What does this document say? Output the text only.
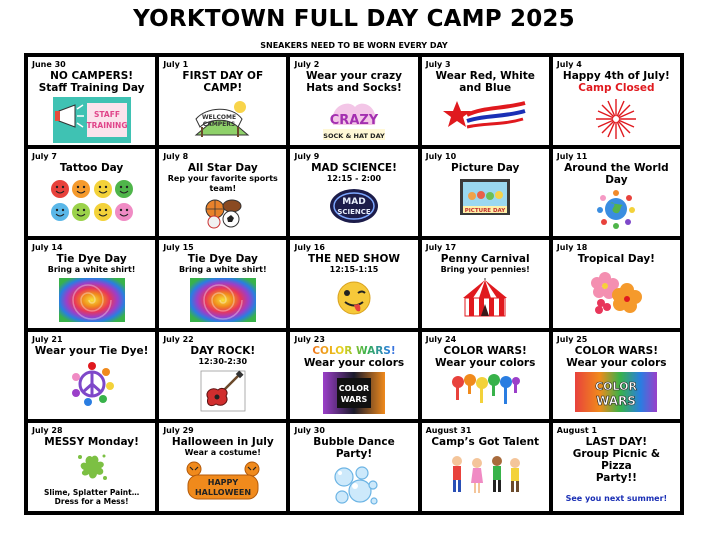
YORKTOWN FULL DAY CAMP 2025
SNEAKERS NEED TO BE WORN EVERY DAY
June 30
NO CAMPERS!
Staff Training Day
STAFF
TRAINING
July 1
FIRST DAY OF
CAMP!
WELCOME
CAMPERS
July 2
Wear your crazy
Hats and Socks!
CRAZY
SOCK & HAT DAY
July 3
Wear Red, White
and Blue
July 4
Happy 4th of July!
Camp Closed
July 7
Tattoo Day
July 8
All Star Day
Rep your favorite sports team!
July 9
MAD SCIENCE!
12:15 - 2:00
MAD
SCIENCE
July 10
Picture Day
PICTURE DAY
July 11
Around the World
Day
July 14
Tie Dye Day
Bring a white shirt!
July 15
Tie Dye Day
Bring a white shirt!
July 16
THE NED SHOW
12:15-1:15
July 17
Penny Carnival
Bring your pennies!
July 18
Tropical Day!
July 21
Wear your Tie Dye!
July 22
DAY ROCK!
12:30-2:30
July 23
COLOR WARS!
Wear your colors
COLOR
WARS
July 24
COLOR WARS!
Wear your colors
July 25
COLOR WARS!
Wear your colors
COLOR
WARS
July 28
MESSY Monday!
Slime, Splatter Paint… Dress for a Mess!
July 29
Halloween in July
Wear a costume!
HAPPY
HALLOWEEN
July 30
Bubble Dance Party!
August 31
Camp’s Got Talent
August 1
LAST DAY!
Group Picnic & Pizza
Party!!
See you next summer!
